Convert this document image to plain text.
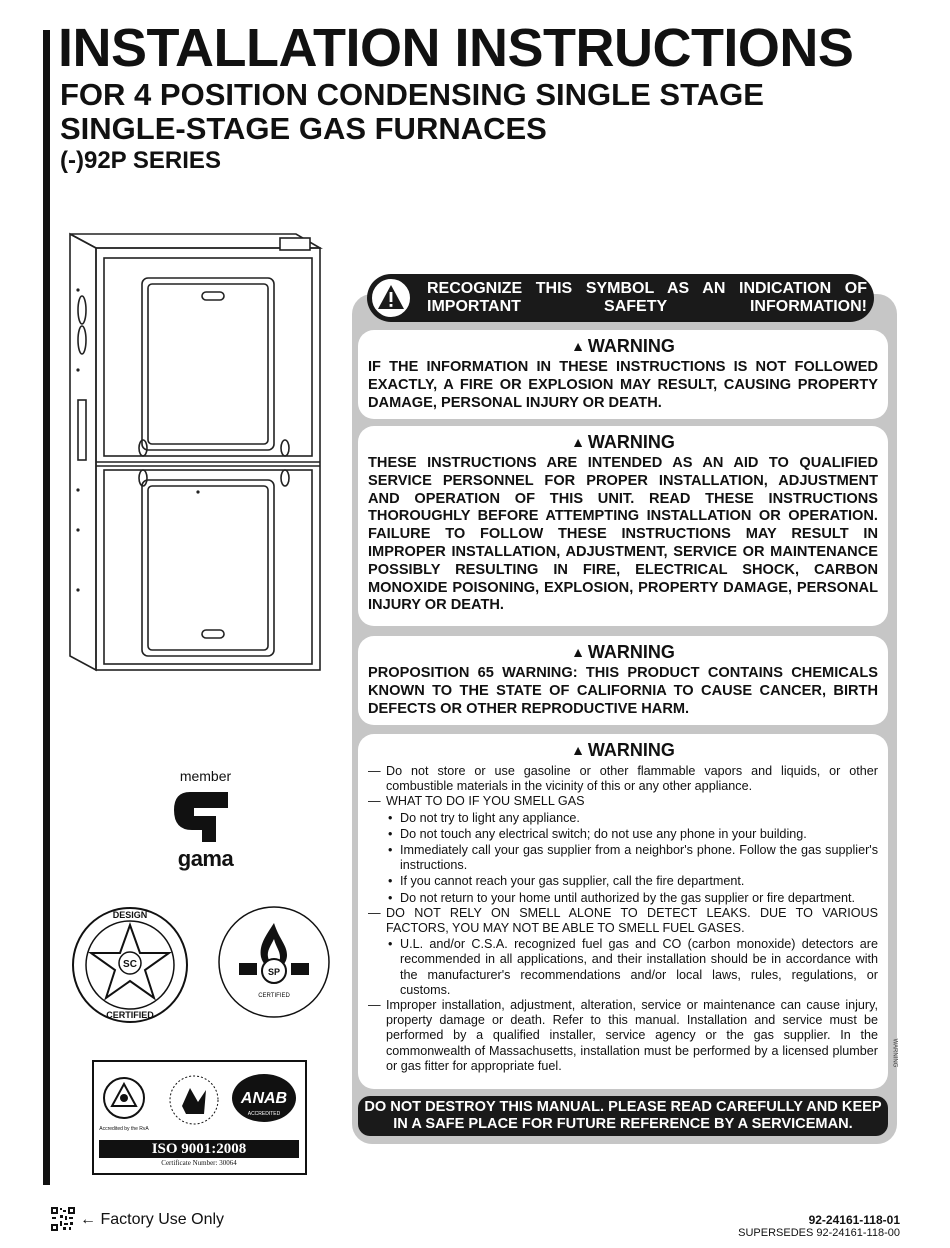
INSTALLATION INSTRUCTIONS
FOR 4 POSITION CONDENSING SINGLE STAGE
SINGLE-STAGE GAS FURNACES
(-)92P SERIES
RECOGNIZE THIS SYMBOL AS AN INDICATION OF IMPORTANT SAFETY INFORMATION!
▲ WARNING
IF THE INFORMATION IN THESE INSTRUCTIONS IS NOT FOLLOWED EXACTLY, A FIRE OR EXPLOSION MAY RESULT, CAUSING PROPERTY DAMAGE, PERSONAL INJURY OR DEATH.
▲ WARNING
THESE INSTRUCTIONS ARE INTENDED AS AN AID TO QUALIFIED SERVICE PERSONNEL FOR PROPER INSTALLATION, ADJUSTMENT AND OPERATION OF THIS UNIT. READ THESE INSTRUCTIONS THOROUGHLY BEFORE ATTEMPTING INSTALLATION OR OPERATION. FAILURE TO FOLLOW THESE INSTRUCTIONS MAY RESULT IN IMPROPER INSTALLATION, ADJUSTMENT, SERVICE OR MAINTENANCE POSSIBLY RESULTING IN FIRE, ELECTRICAL SHOCK, CARBON MONOXIDE POISONING, EXPLOSION, PROPERTY DAMAGE, PERSONAL INJURY OR DEATH.
▲ WARNING
PROPOSITION 65 WARNING: THIS PRODUCT CONTAINS CHEMICALS KNOWN TO THE STATE OF CALIFORNIA TO CAUSE CANCER, BIRTH DEFECTS OR OTHER REPRODUCTIVE HARM.
▲ WARNING
— Do not store or use gasoline or other flammable vapors and liquids, or other combustible materials in the vicinity of this or any other appliance.
— WHAT TO DO IF YOU SMELL GAS
• Do not try to light any appliance.
• Do not touch any electrical switch; do not use any phone in your building.
• Immediately call your gas supplier from a neighbor's phone. Follow the gas supplier's instructions.
• If you cannot reach your gas supplier, call the fire department.
• Do not return to your home until authorized by the gas supplier or fire department.
— DO NOT RELY ON SMELL ALONE TO DETECT LEAKS. DUE TO VARIOUS FACTORS, YOU MAY NOT BE ABLE TO SMELL FUEL GASES.
• U.L. and/or C.S.A. recognized fuel gas and CO (carbon monoxide) detectors are recommended in all applications, and their installation should be in accordance with the manufacturer's recommendations and/or local laws, rules, regulations, or customs.
— Improper installation, adjustment, alteration, service or maintenance can cause injury, property damage or death. Refer to this manual. Installation and service must be performed by a qualified installer, service agency or the gas supplier. In the commonwealth of Massachusetts, installation must be performed by a licensed plumber or gas fitter for appropriate fuel.	WARNING
DO NOT DESTROY THIS MANUAL. PLEASE READ CAREFULLY AND KEEP
IN A SAFE PLACE FOR FUTURE REFERENCE BY A SERVICEMAN.
member
gama
SC
DESIGN
CERTIFIED
SP
CERTIFIED
Accredited by the RvA
ANAB
ACCREDITED
ISO 9001:2008
Certificate Number: 30064
← Factory Use Only	92-24161-118-01
SUPERSEDES 92-24161-118-00
